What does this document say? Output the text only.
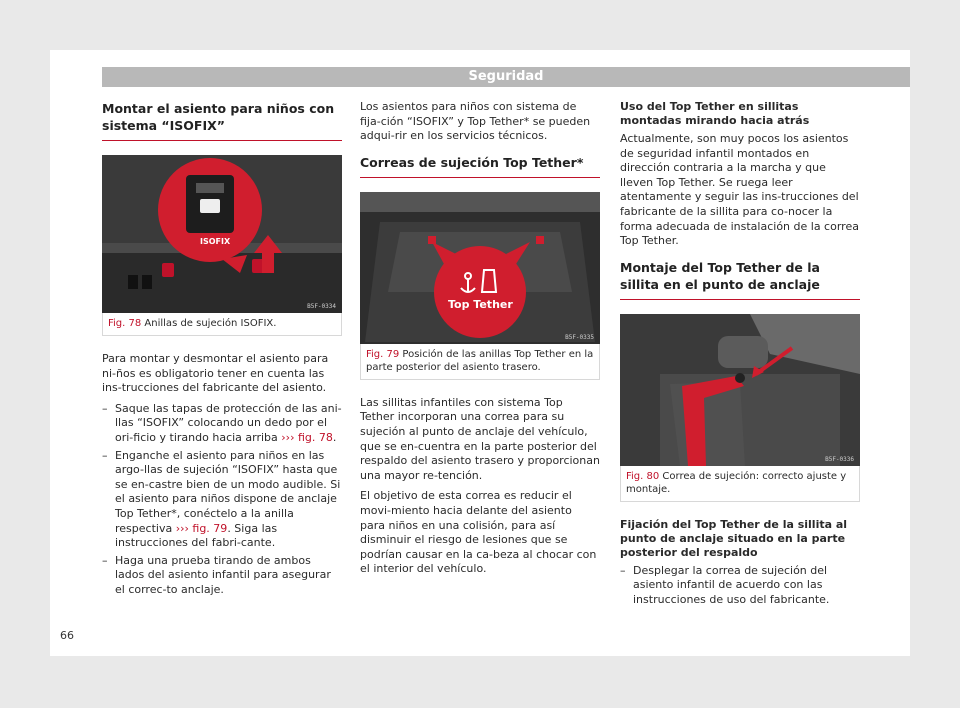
Seguridad
Montar el asiento para niños con sistema “ISOFIX”
B5F-0334
ISOFIX
Fig. 78 Anillas de sujeción ISOFIX.

Para montar y desmontar el asiento para ni-ños es obligatorio tener en cuenta las ins-trucciones del fabricante del asiento.

– Saque las tapas de protección de las ani-llas “ISOFIX” colocando un dedo por el ori-ficio y tirando hacia arriba ››› fig. 78.
– Enganche el asiento para niños en las argo-llas de sujeción “ISOFIX” hasta que se en-castre bien de un modo audible. Si el asiento para niños dispone de anclaje Top Tether*, conéctelo a la anilla respectiva ››› fig. 79. Siga las instrucciones del fabri-cante.
– Haga una prueba tirando de ambos lados del asiento infantil para asegurar el correc-to anclaje.

Los asientos para niños con sistema de fija-ción “ISOFIX” y Top Tether* se pueden adqui-rir en los servicios técnicos.

Correas de sujeción Top Tether*
Top Tether
B5F-0335
Fig. 79 Posición de las anillas Top Tether en la parte posterior del asiento trasero.

Las sillitas infantiles con sistema Top Tether incorporan una correa para su sujeción al punto de anclaje del vehículo, que se en-cuentra en la parte posterior del respaldo del asiento trasero y proporcionan una mayor re-tención.

El objetivo de esta correa es reducir el movi-miento hacia delante del asiento para niños en una colisión, para así disminuir el riesgo de lesiones que se podrían causar en la ca-beza al chocar con el interior del vehículo.

Uso del Top Tether en sillitas montadas mirando hacia atrás

Actualmente, son muy pocos los asientos de seguridad infantil montados en dirección contraria a la marcha y que lleven Top Tether. Se ruega leer atentamente y seguir las ins-trucciones del fabricante de la sillita para co-nocer la forma adecuada de instalación de la correa Top Tether.

Montaje del Top Tether de la sillita en el punto de anclaje
B5F-0336
Fig. 80 Correa de sujeción: correcto ajuste y montaje.
Fijación del Top Tether de la sillita al punto de anclaje situado en la parte posterior del respaldo
– Desplegar la correa de sujeción del asiento infantil de acuerdo con las instrucciones de uso del fabricante.
66
